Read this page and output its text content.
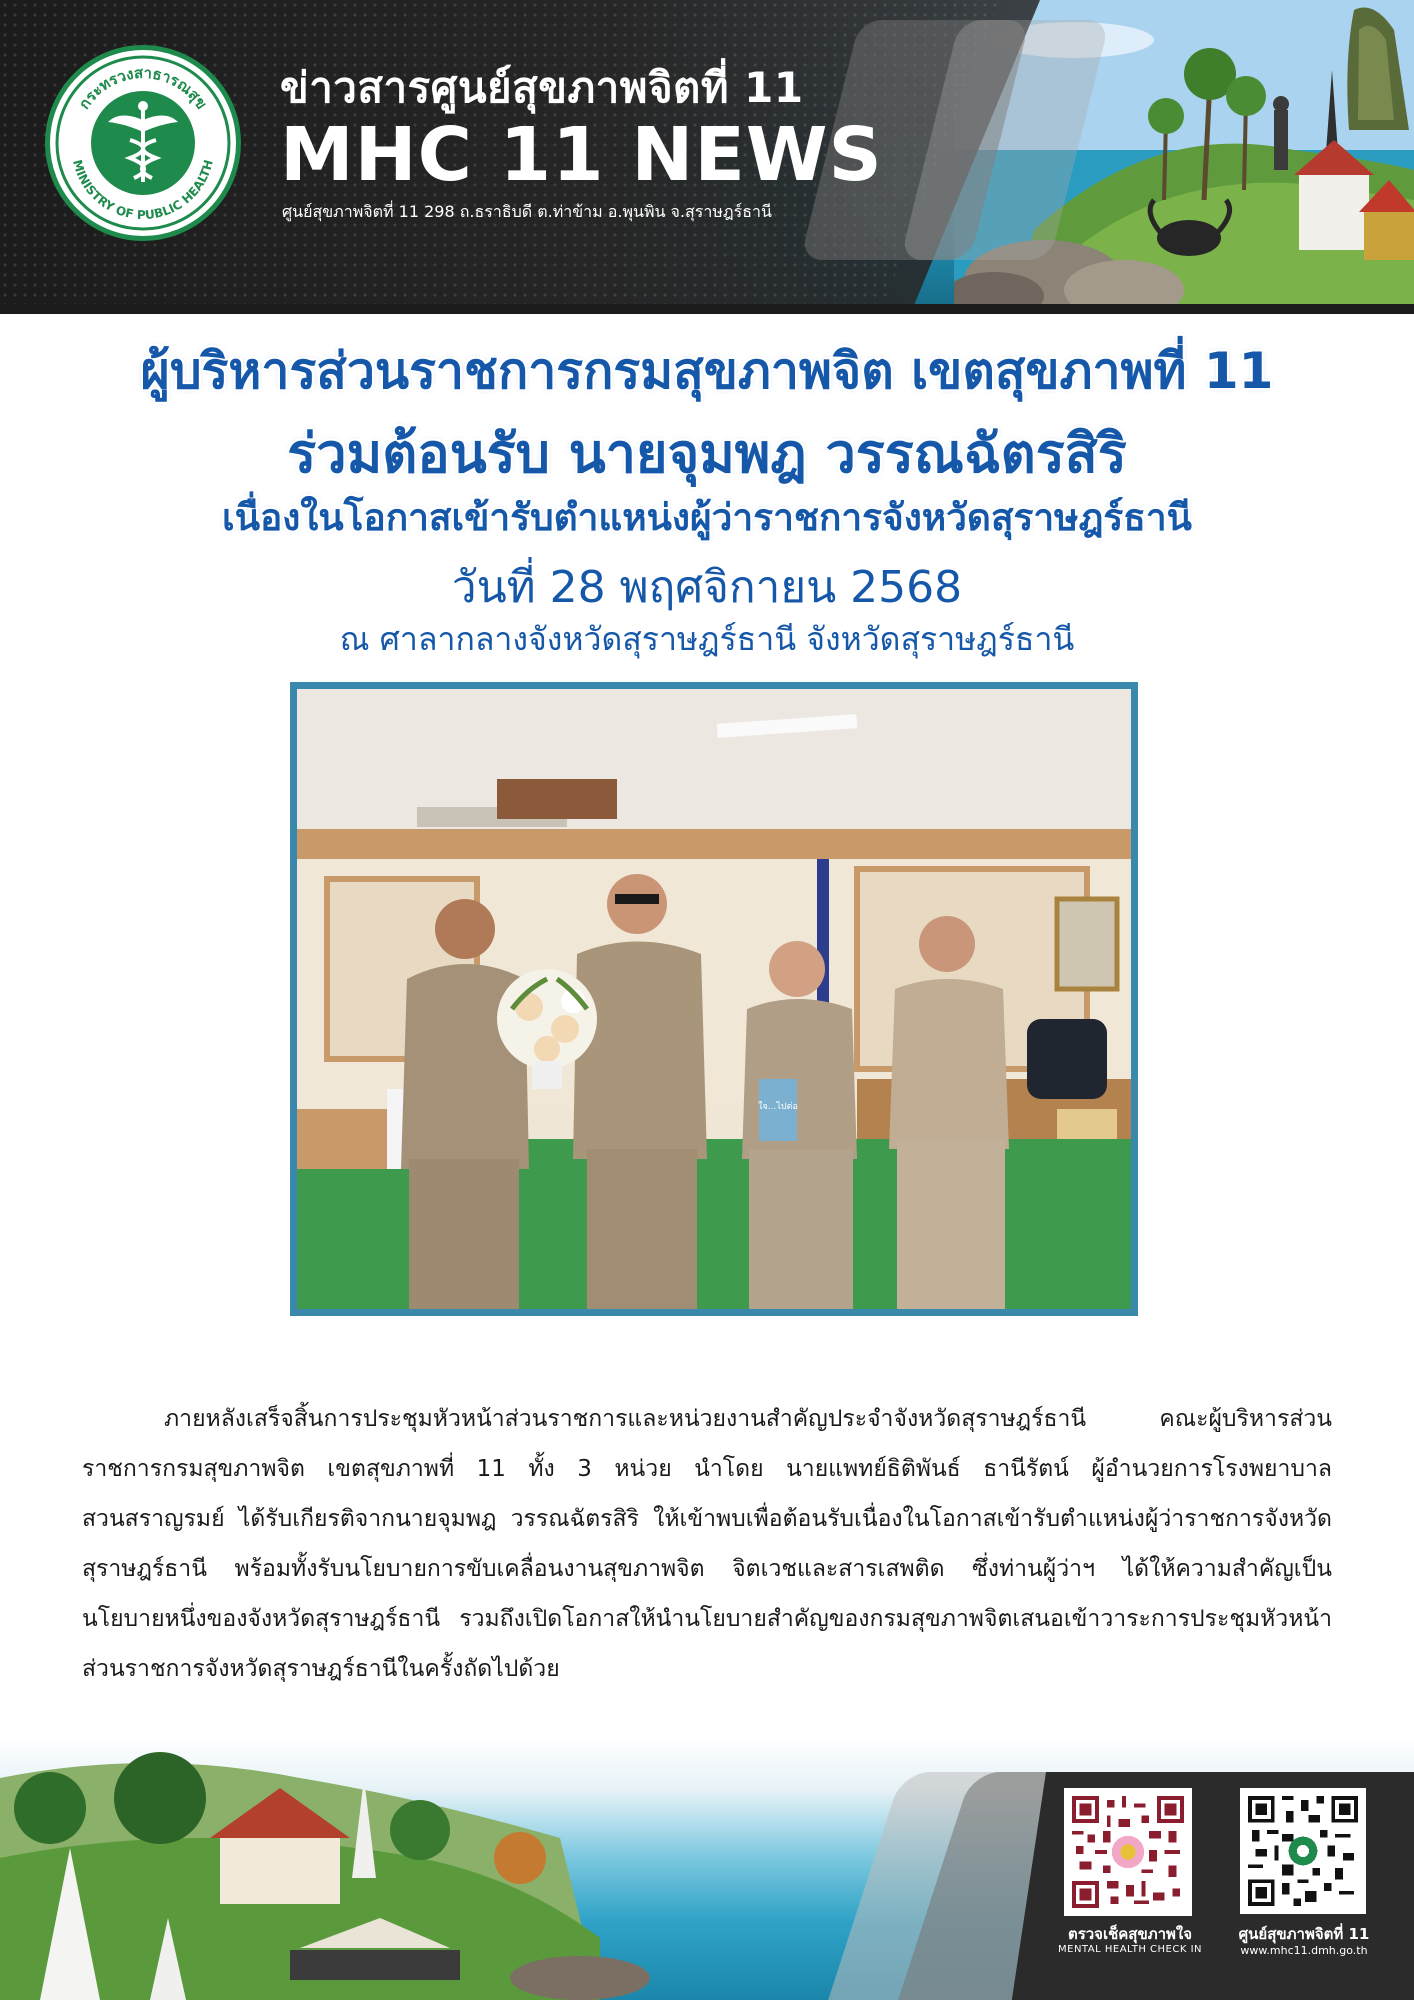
กระทรวงสาธารณสุข
MINISTRY OF PUBLIC HEALTH
ข่าวสารศูนย์สุขภาพจิตที่ 11
MHC 11 NEWS
ศูนย์สุขภาพจิตที่ 11 298 ถ.ธราธิบดี ต.ท่าข้าม อ.พุนพิน จ.สุราษฎร์ธานี
ผู้บริหารส่วนราชการกรมสุขภาพจิต เขตสุขภาพที่ 11
ร่วมต้อนรับ นายจุมพฎ วรรณฉัตรสิริ
เนื่องในโอกาสเข้ารับตำแหน่งผู้ว่าราชการจังหวัดสุราษฎร์ธานี
วันที่ 28 พฤศจิกายน 2568
ณ ศาลากลางจังหวัดสุราษฎร์ธานี จังหวัดสุราษฎร์ธานี
ใจ...ไปต่อ
ภายหลังเสร็จสิ้นการประชุมหัวหน้าส่วนราชการและหน่วยงานสำคัญประจำจังหวัดสุราษฎร์ธานี คณะผู้บริหารส่วนราชการกรมสุขภาพจิต เขตสุขภาพที่ 11 ทั้ง 3 หน่วย นำโดย นายแพทย์ธิติพันธ์ ธานีรัตน์ ผู้อำนวยการโรงพยาบาลสวนสราญรมย์ ได้รับเกียรติจากนายจุมพฎ วรรณฉัตรสิริ ให้เข้าพบเพื่อต้อนรับเนื่องในโอกาสเข้ารับตำแหน่งผู้ว่าราชการจังหวัดสุราษฎร์ธานี พร้อมทั้งรับนโยบายการขับเคลื่อนงานสุขภาพจิต จิตเวชและสารเสพติด ซึ่งท่านผู้ว่าฯ ได้ให้ความสำคัญเป็นนโยบายหนึ่งของจังหวัดสุราษฎร์ธานี รวมถึงเปิดโอกาสให้นำนโยบายสำคัญของกรมสุขภาพจิตเสนอเข้าวาระการประชุมหัวหน้าส่วนราชการจังหวัดสุราษฎร์ธานีในครั้งถัดไปด้วย
ตรวจเช็คสุขภาพใจ
MENTAL HEALTH CHECK IN
ศูนย์สุขภาพจิตที่ 11
www.mhc11.dmh.go.th
